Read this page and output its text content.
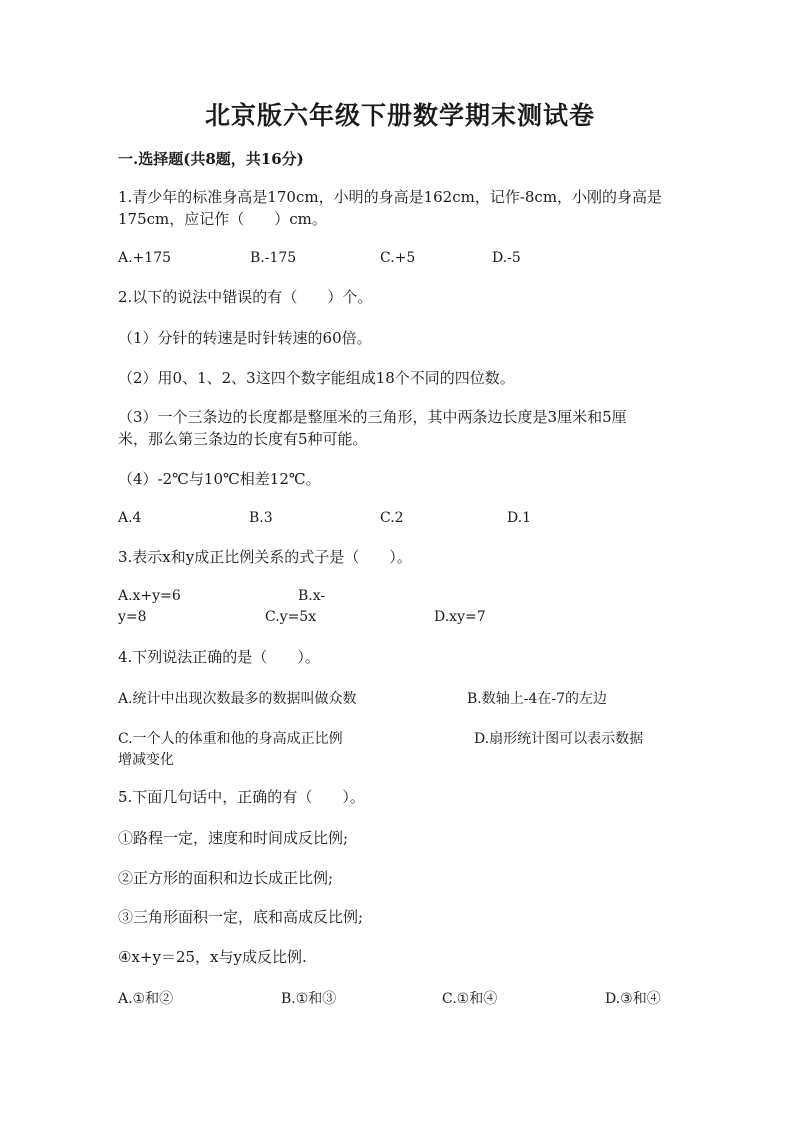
北京版六年级下册数学期末测试卷
一.选择题(共8题，共16分)
1.青少年的标准身高是170cm，小明的身高是162cm，记作-8cm，小刚的身高是
175cm，应记作（　　）cm。
A.+175	B.-175	C.+5	D.-5
2.以下的说法中错误的有（　　）个。
（1）分针的转速是时针转速的60倍。
（2）用0、1、2、3这四个数字能组成18个不同的四位数。
（3）一个三条边的长度都是整厘米的三角形，其中两条边长度是3厘米和5厘
米，那么第三条边的长度有5种可能。
（4）-2℃与10℃相差12℃。
A.4	B.3	C.2	D.1
3.表示x和y成正比例关系的式子是（　　）。
A.x+y=6	B.x-
y=8	C.y=5x	D.xy=7
4.下列说法正确的是（　　）。
A.统计中出现次数最多的数据叫做众数	B.数轴上-4在-7的左边
C.一个人的体重和他的身高成正比例	D.扇形统计图可以表示数据
增减变化
5.下面几句话中，正确的有（　　）。
①路程一定，速度和时间成反比例;
②正方形的面积和边长成正比例;
③三角形面积一定，底和高成反比例;
④x+y＝25，x与y成反比例.
A.①和②	B.①和③	C.①和④	D.③和④
